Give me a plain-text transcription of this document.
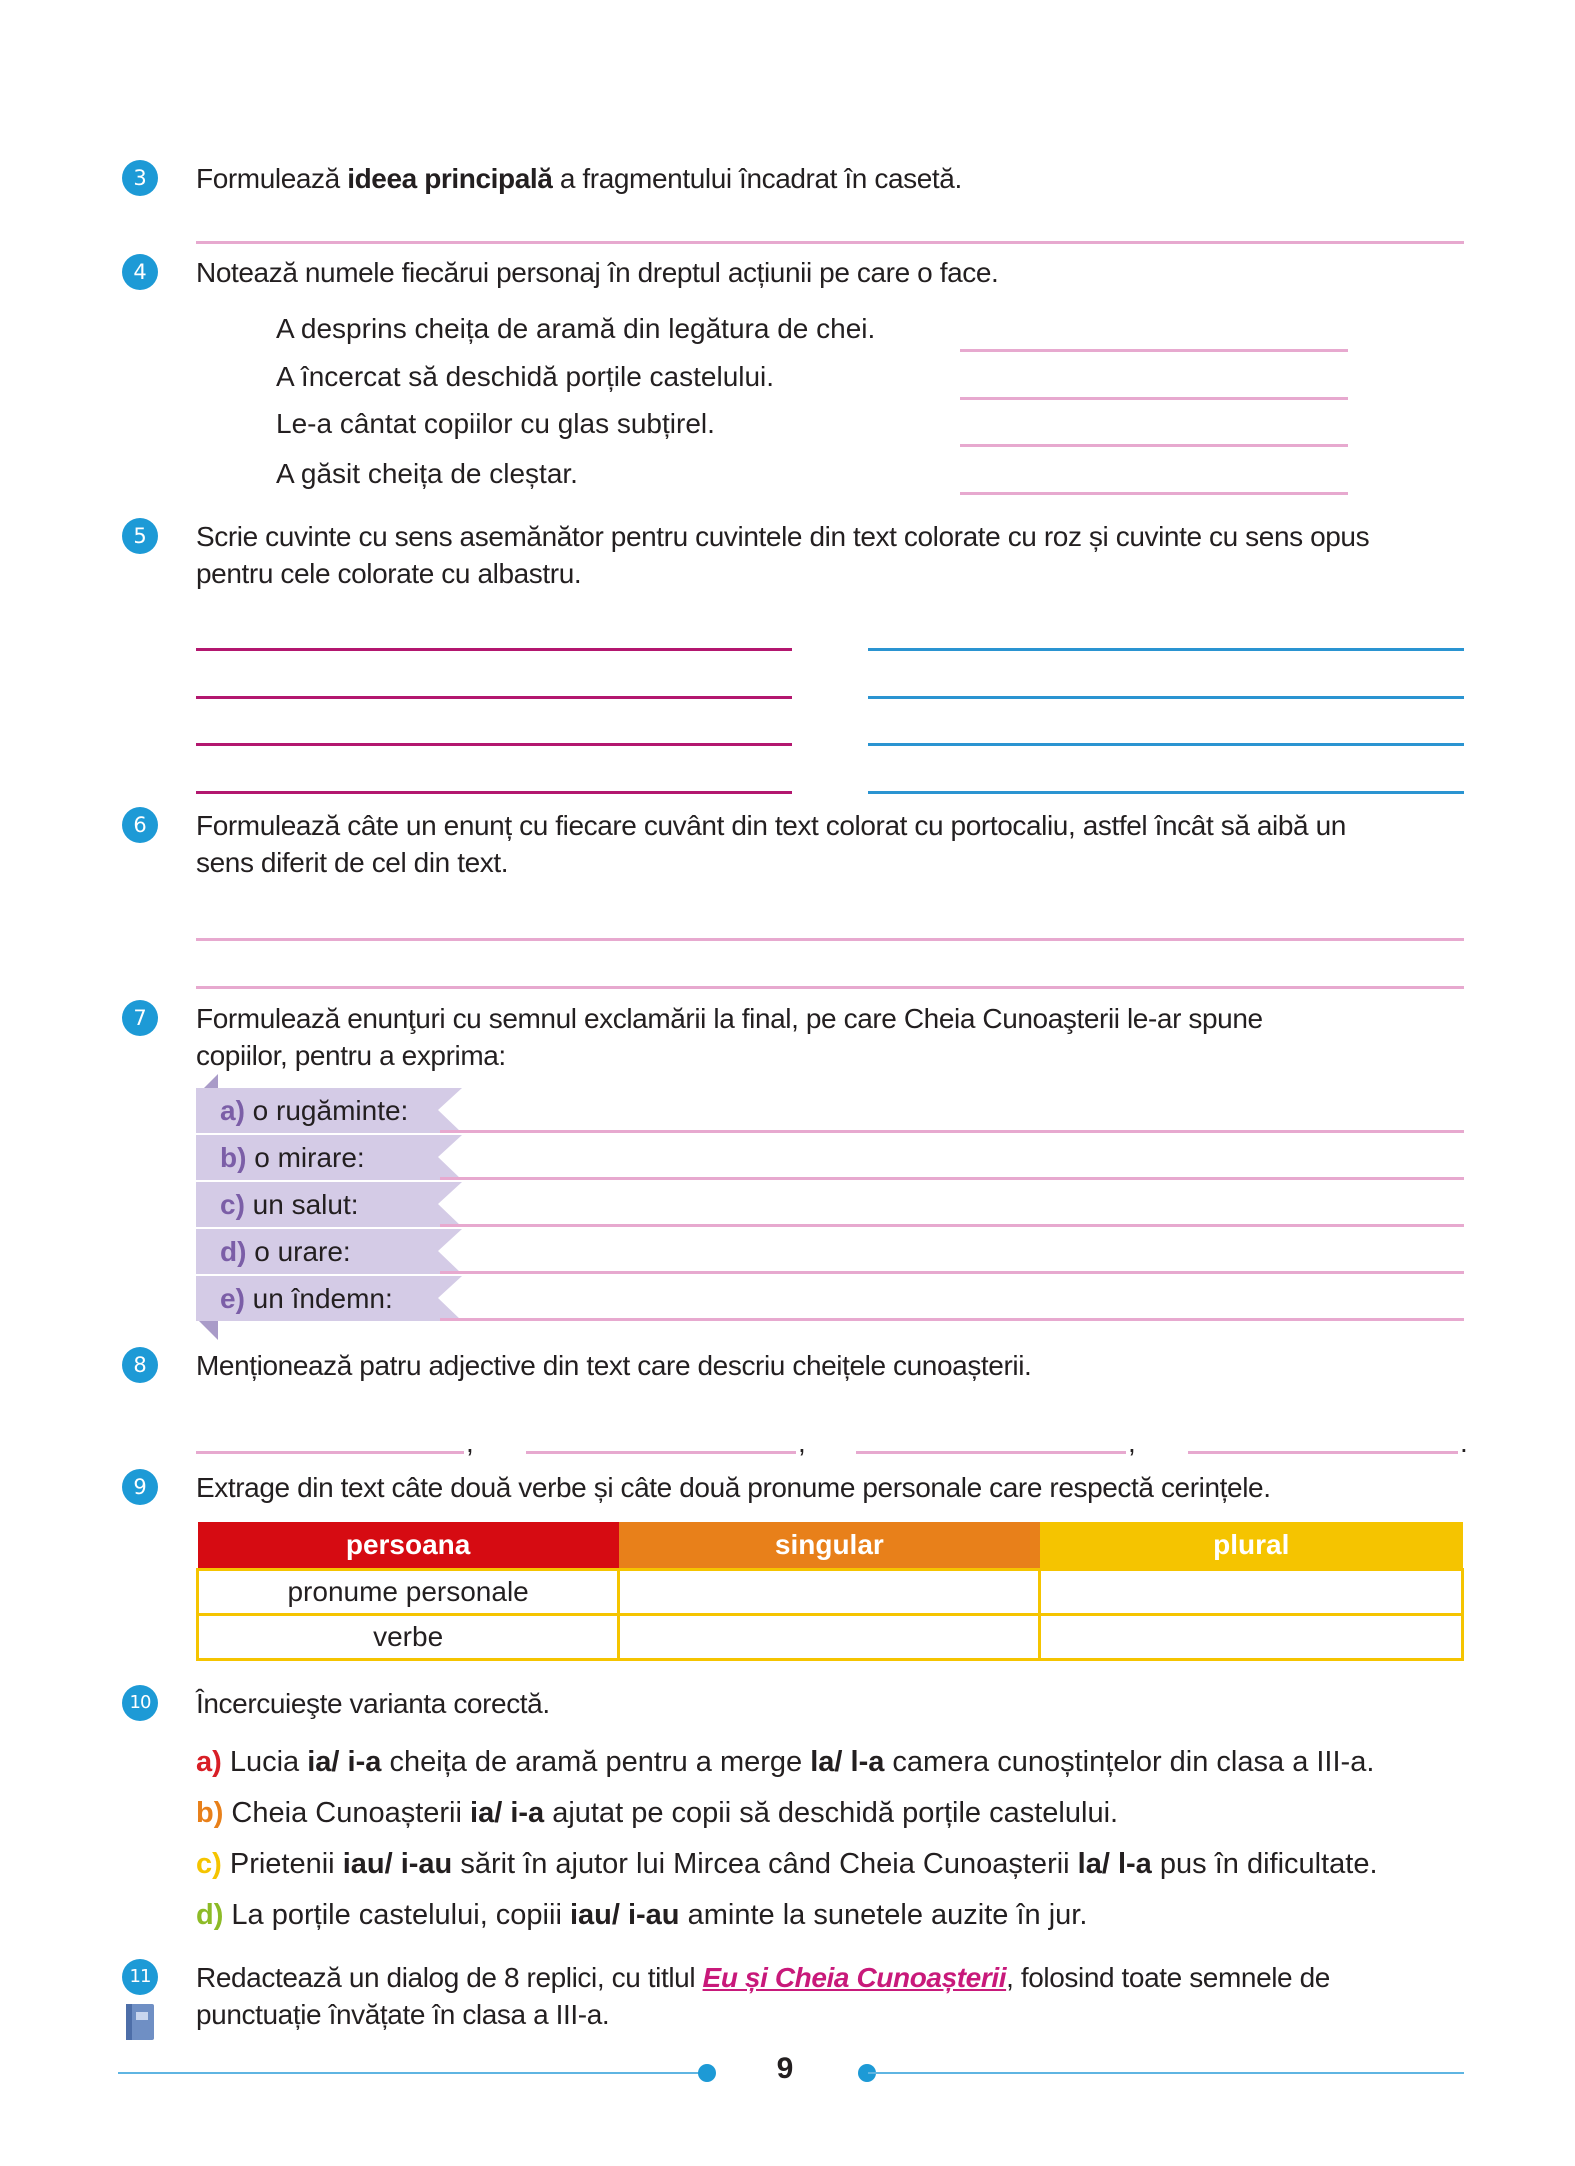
3	Formulează ideea principală a fragmentului încadrat în casetă.
4	Notează numele fiecărui personaj în dreptul acțiunii pe care o face.
A desprins cheița de aramă din legătura de chei.
A încercat să deschidă porțile castelului.
Le-a cântat copiilor cu glas subțirel.
A găsit cheița de cleștar.
5	Scrie cuvinte cu sens asemănător pentru cuvintele din text colorate cu roz și cuvinte cu sens opus
pentru cele colorate cu albastru.
6	Formulează câte un enunț cu fiecare cuvânt din text colorat cu portocaliu, astfel încât să aibă un
sens diferit de cel din text.
7	Formulează enunţuri cu semnul exclamării la final, pe care Cheia Cunoaşterii le-ar spune
copiilor, pentru a exprima:
a) o rugăminte:
b) o mirare:
c) un salut:
d) o urare:
e) un îndemn:
8	Menționează patru adjective din text care descriu cheițele cunoașterii.
,	,	,	.
9	Extrage din text câte două verbe și câte două pronume personale care respectă cerințele.
persoana	singular	plural
pronume personale		
verbe		
10 Încercuieşte varianta corectă.
a) Lucia ia/ i-a cheița de aramă pentru a merge la/ l-a camera cunoștințelor din clasa a III-a.
b) Cheia Cunoașterii ia/ i-a ajutat pe copii să deschidă porțile castelului.
c) Prietenii iau/ i-au sărit în ajutor lui Mircea când Cheia Cunoașterii la/ l-a pus în dificultate.
d) La porțile castelului, copiii iau/ i-au aminte la sunetele auzite în jur.
11 Redactează un dialog de 8 replici, cu titlul Eu și Cheia Cunoașterii, folosind toate semnele de
punctuație învățate în clasa a III-a.
9
